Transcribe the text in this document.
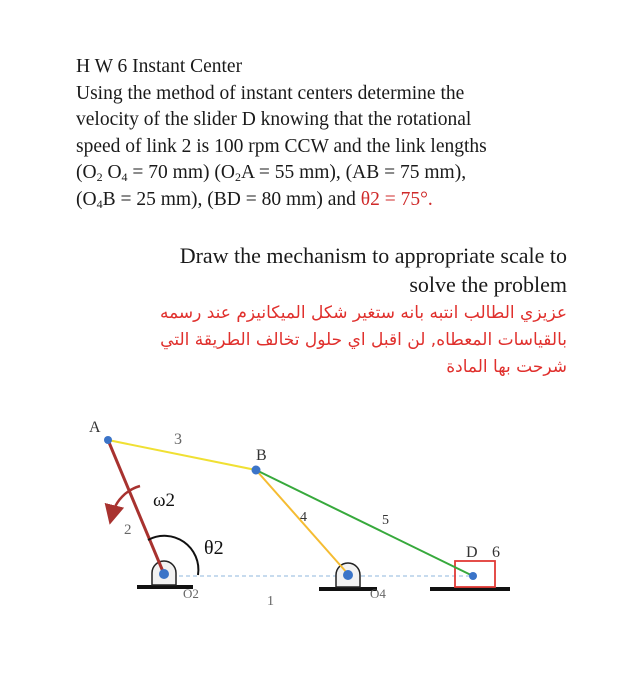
H W 6 Instant Center
Using the method of instant centers determine the
velocity of the slider D knowing that the rotational
speed of link 2 is 100 rpm CCW and the link lengths
($O_2$ $O_4 = 70$ mm) ($O_2A = 55$ mm), (AB = 75 mm),
($O_4B = 25$ mm), (BD = 80 mm) and θ2 = 75°.
Draw the mechanism to appropriate scale to
solve the problem
عزيزي الطالب انتبه بانه ستغير شكل الميكانيزم عند رسمه
بالقياسات المعطاه, لن اقبل اي حلول تخالف الطريقة التي
شرحت بها المادة
A
B
3
4	5
2
ω2
θ2
O2	O4
1
D 6
